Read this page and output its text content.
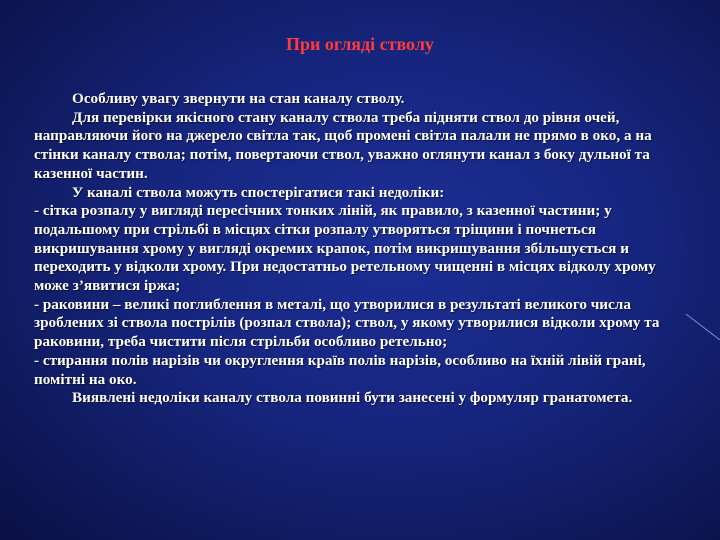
При огляді стволу

Особливу увагу звернути на стан каналу стволу.

Для перевірки якісного стану каналу ствола треба підняти ствол до рівня очей, направляючи його на джерело світла так, щоб промені світла палали не прямо в око, а на стінки каналу ствола; потім, повертаючи ствол, уважно оглянути канал з боку дульної та казенної частин.

У каналі ствола можуть спостерігатися такі недоліки:

- сітка розпалу у вигляді пересічних тонких ліній, як правило, з казенної частини; у подальшому при стрільбі в місцях сітки розпалу утворяться тріщини і почнеться викришування хрому у вигляді окремих крапок, потім викришування збільшується и переходить у відколи хрому. При недостатньо ретельному чищенні в місцях відколу хрому може з’явитися іржа;

- раковини – великі поглиблення в металі, що утворилися в результаті великого числа зроблених зі ствола пострілів (розпал ствола); ствол, у якому утворилися відколи хрому та раковини, треба чистити після стрільби особливо ретельно;

- стирання полів нарізів чи округлення країв полів нарізів, особливо на їхній лівій грані, помітні на око.

Виявлені недоліки каналу ствола повинні бути занесені у формуляр гранатомета.
